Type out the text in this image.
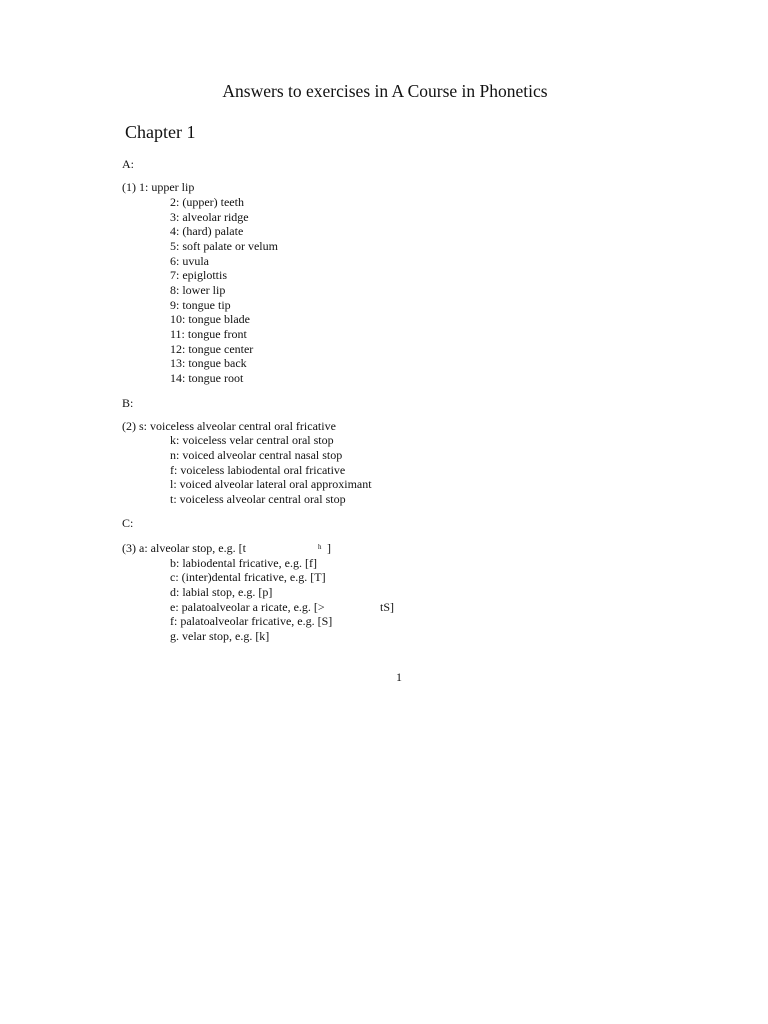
Answers to exercises in A Course in Phonetics
Chapter 1
A:
(1) 1: upper lip
2: (upper) teeth
3: alveolar ridge
4: (hard) palate
5: soft palate or velum
6: uvula
7: epiglottis
8: lower lip
9: tongue tip
10: tongue blade
11: tongue front
12: tongue center
13: tongue back
14: tongue root
B:
(2) s: voiceless alveolar central oral fricative
k: voiceless velar central oral stop
n: voiced alveolar central nasal stop
f: voiceless labiodental oral fricative
l: voiced alveolar lateral oral approximant
t: voiceless alveolar central oral stop
C:
(3) a: alveolar stop, e.g. [t	h ]
b: labiodental fricative, e.g. [f]
c: (inter)dental fricative, e.g. [T]
d: labial stop, e.g. [p]
e: palatoalveolar a ricate, e.g. [>	tS]
f: palatoalveolar fricative, e.g. [S]
g. velar stop, e.g. [k]
1
